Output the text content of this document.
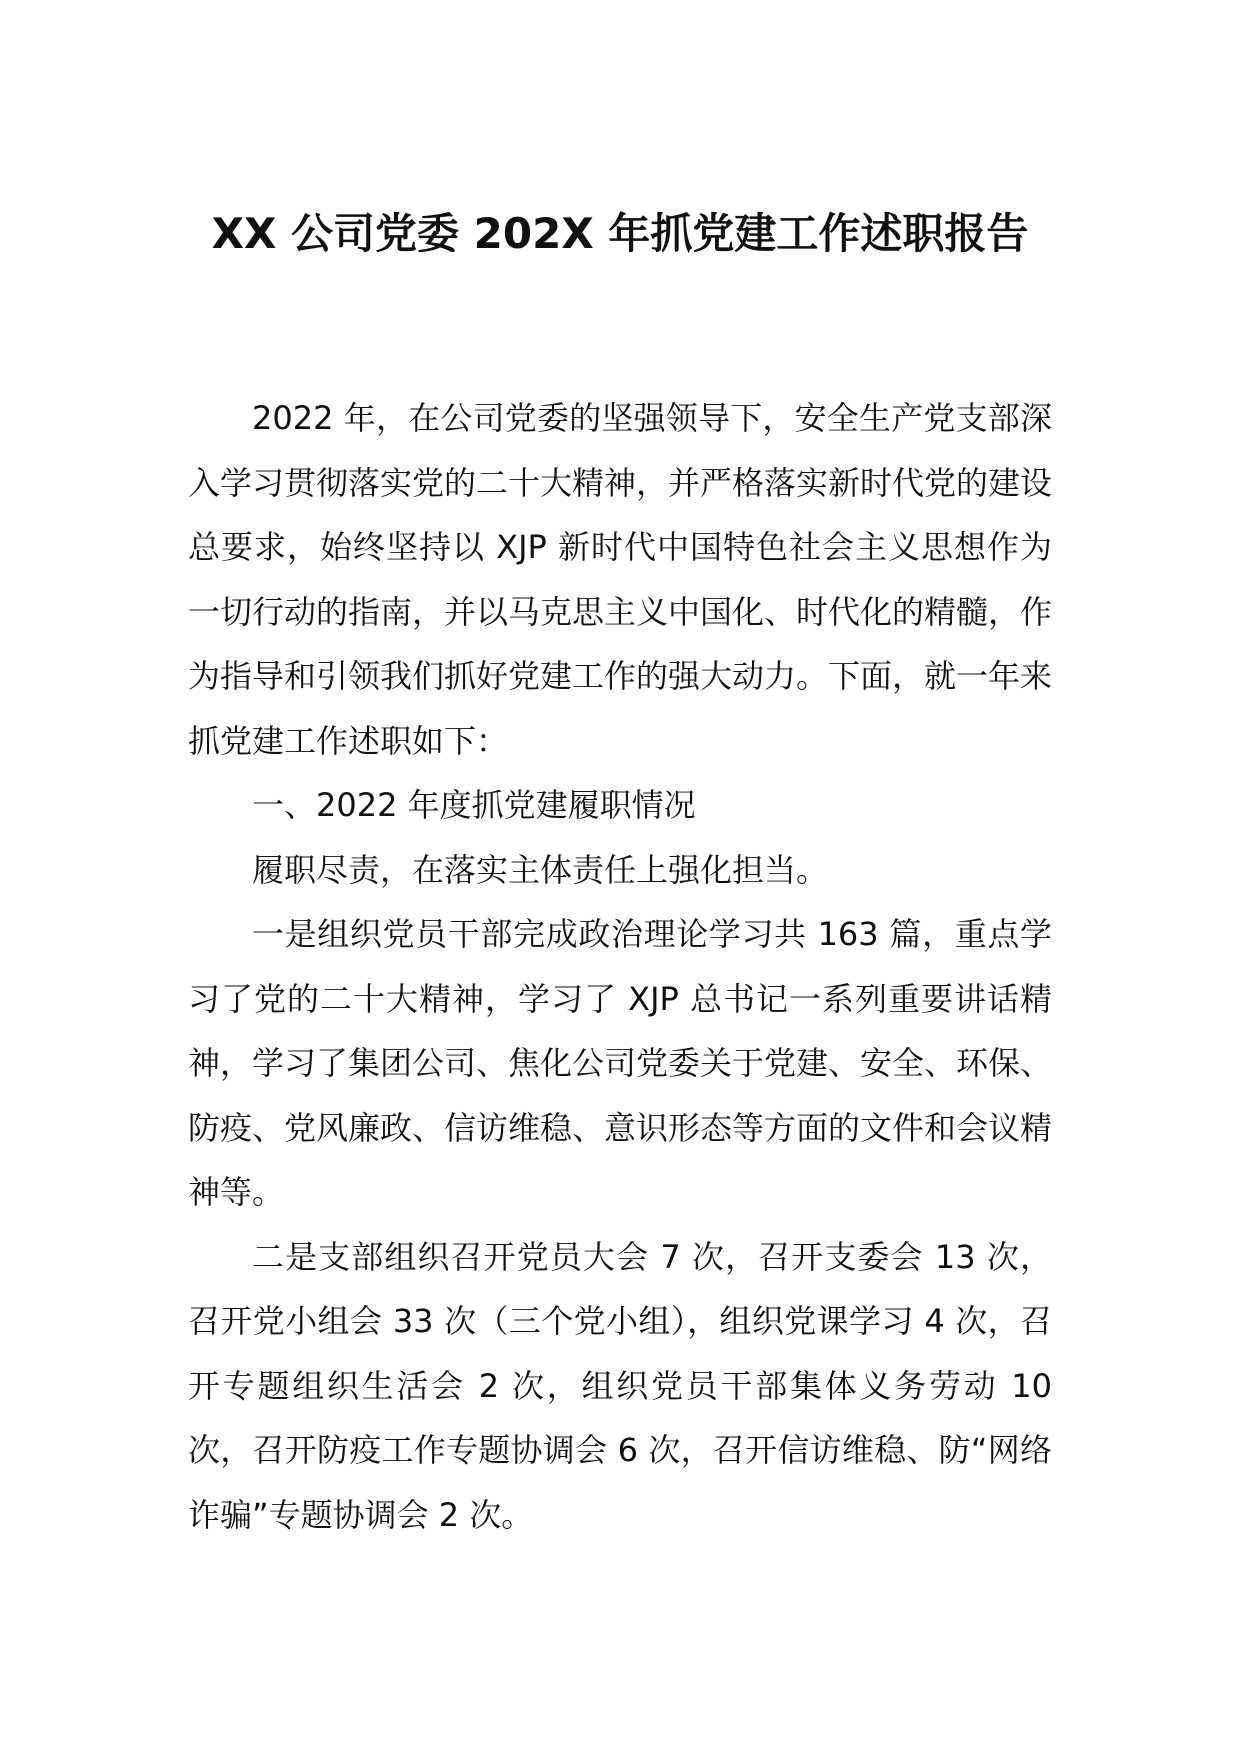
XX 公司党委 202X 年抓党建工作述职报告

2022 年，在公司党委的坚强领导下，安全生产党支部深入学习贯彻落实党的二十大精神，并严格落实新时代党的建设总要求，始终坚持以 XJP 新时代中国特色社会主义思想作为一切行动的指南，并以马克思主义中国化、时代化的精髓，作为指导和引领我们抓好党建工作的强大动力。下面，就一年来抓党建工作述职如下：

一、2022 年度抓党建履职情况

履职尽责，在落实主体责任上强化担当。

一是组织党员干部完成政治理论学习共 163 篇，重点学习了党的二十大精神，学习了 XJP 总书记一系列重要讲话精神，学习了集团公司、焦化公司党委关于党建、安全、环保、防疫、党风廉政、信访维稳、意识形态等方面的文件和会议精神等。

二是支部组织召开党员大会 7 次，召开支委会 13 次，召开党小组会 33 次（三个党小组），组织党课学习 4 次，召开专题组织生活会 2 次，组织党员干部集体义务劳动 10 次，召开防疫工作专题协调会 6 次，召开信访维稳、防“网络诈骗”专题协调会 2 次。
